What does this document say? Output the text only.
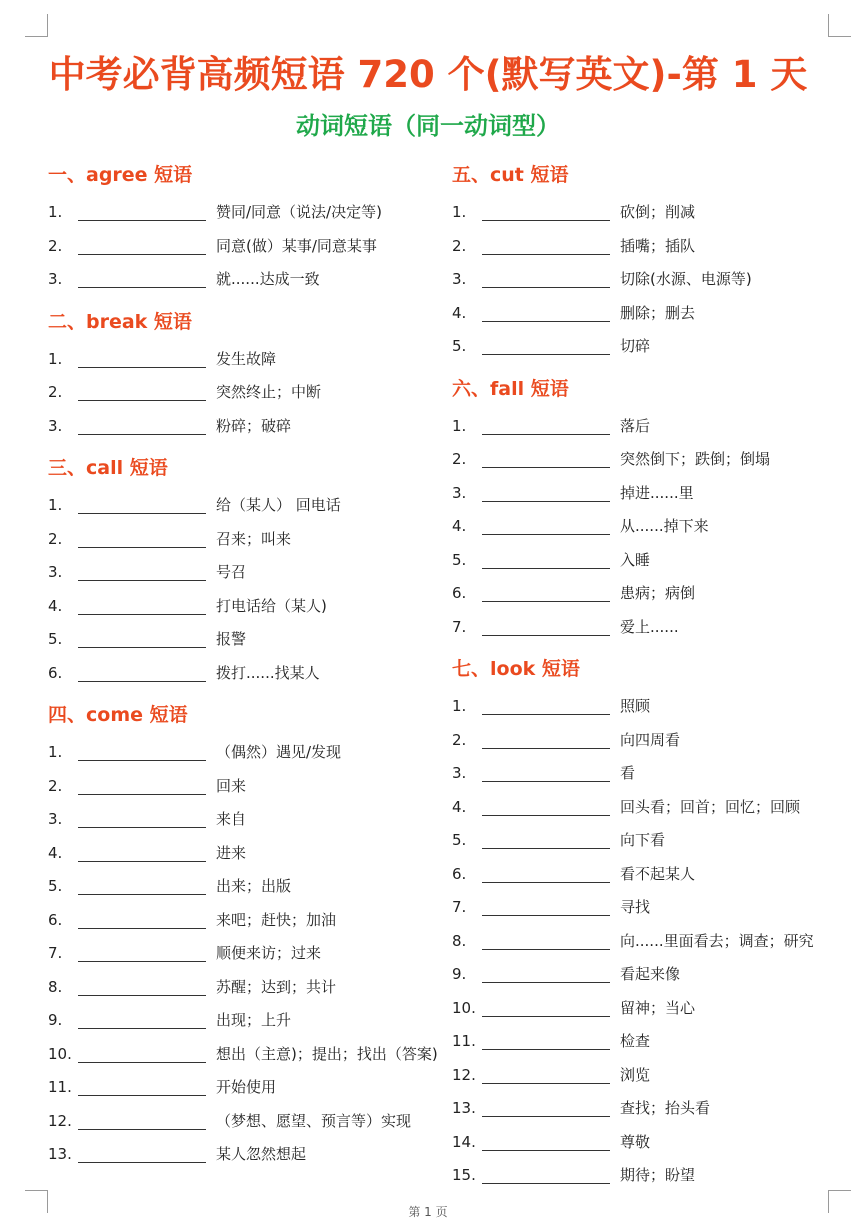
中考必背高频短语 720 个(默写英文)-第 1 天
动词短语（同一动词型）
一、agree 短语
1.	赞同/同意（说法/决定等)
2.	同意(做）某事/同意某事
3.	就......达成一致
二、break 短语
1.	发生故障
2.	突然终止；中断
3.	粉碎；破碎
三、call 短语
1.	给（某人） 回电话
2.	召来；叫来
3.	号召
4.	打电话给（某人)
5.	报警
6.	拨打......找某人
四、come 短语
1.	（偶然）遇见/发现
2.	回来
3.	来自
4.	进来
5.	出来；出版
6.	来吧；赶快；加油
7.	顺便来访；过来
8.	苏醒；达到；共计
9.	出现；上升
10.	想出（主意)；提出；找出（答案)
11.	开始使用
12.	（梦想、愿望、预言等）实现
13.	某人忽然想起
五、cut 短语
1.	砍倒；削减
2.	插嘴；插队
3.	切除(水源、电源等)
4.	删除；删去
5.	切碎
六、fall 短语
1.	落后
2.	突然倒下；跌倒；倒塌
3.	掉进......里
4.	从......掉下来
5.	入睡
6.	患病；病倒
7.	爱上......
七、look 短语
1.	照顾
2.	向四周看
3.	看
4.	回头看；回首；回忆；回顾
5.	向下看
6.	看不起某人
7.	寻找
8.	向......里面看去；调查；研究
9.	看起来像
10.	留神；当心
11.	检查
12.	浏览
13.	查找；抬头看
14.	尊敬
15.	期待；盼望
第 1 页
